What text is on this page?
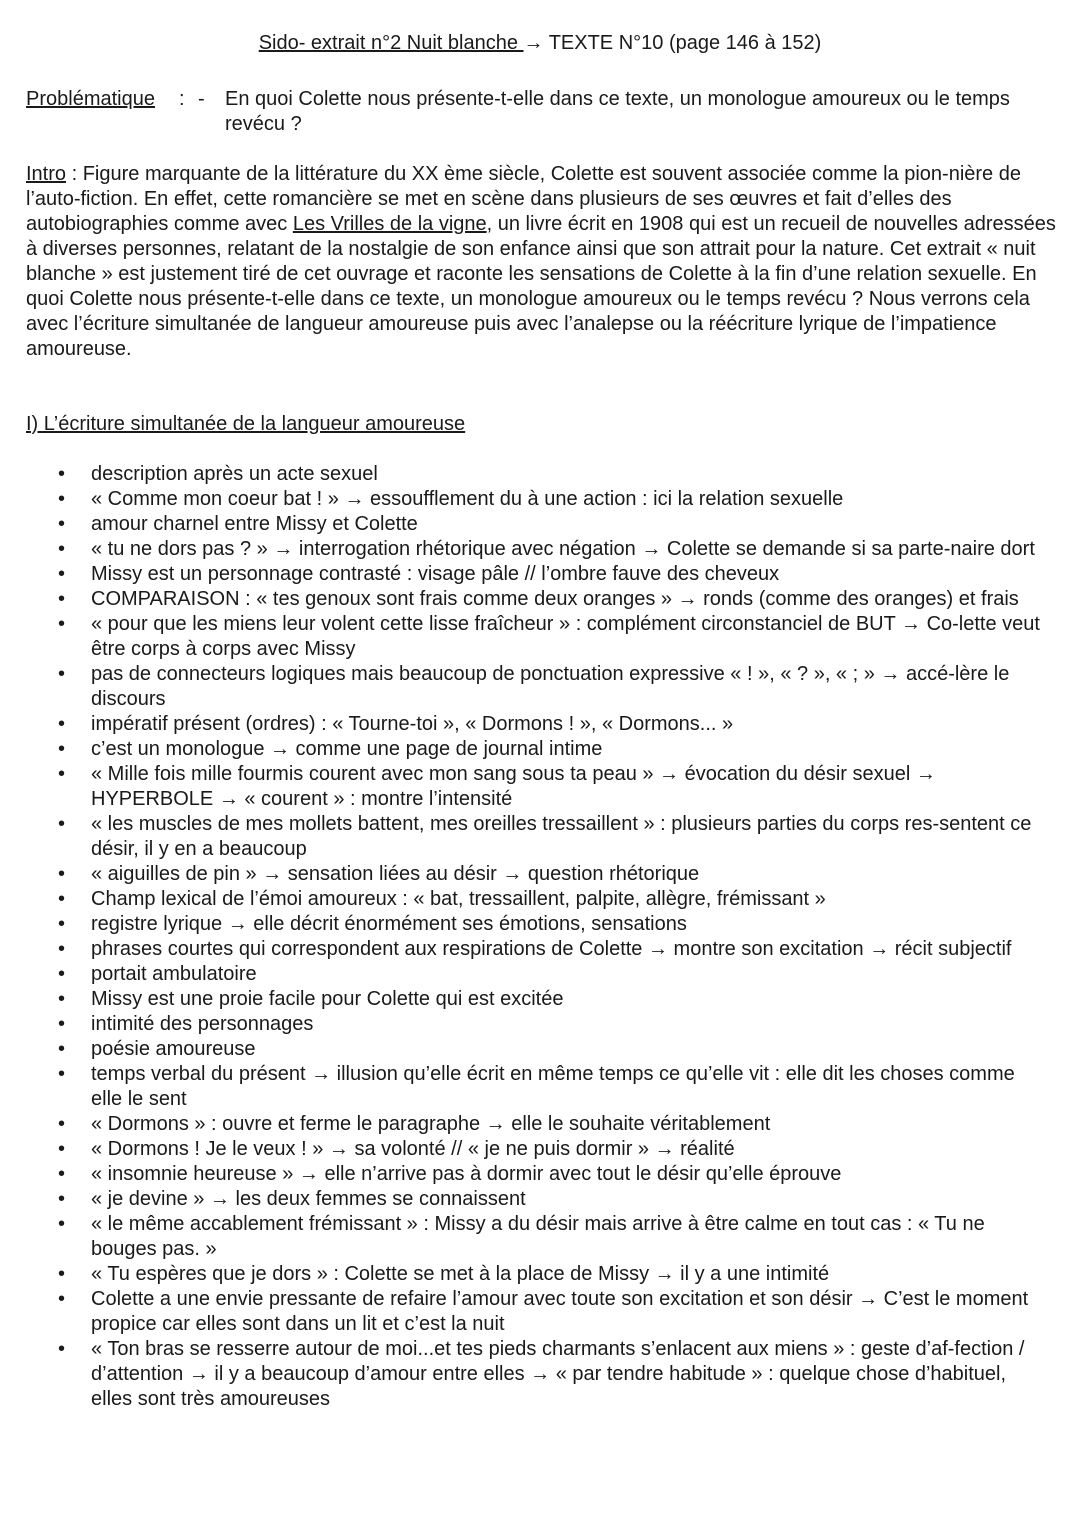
Sido- extrait n°2 Nuit blanche → TEXTE N°10 (page 146 à 152)
Problématique : - En quoi Colette nous présente-t-elle dans ce texte, un monologue amoureux ou le temps revécu ?
Intro : Figure marquante de la littérature du XX ème siècle, Colette est souvent associée comme la pion-nière de l’auto-fiction. En effet, cette romancière se met en scène dans plusieurs de ses œuvres et fait d’elles des autobiographies comme avec Les Vrilles de la vigne, un livre écrit en 1908 qui est un recueil de nouvelles adressées à diverses personnes, relatant de la nostalgie de son enfance ainsi que son attrait pour la nature. Cet extrait « nuit blanche » est justement tiré de cet ouvrage et raconte les sensations de Colette à la fin d’une relation sexuelle. En quoi Colette nous présente-t-elle dans ce texte, un monologue amoureux ou le temps revécu ? Nous verrons cela avec l’écriture simultanée de langueur amoureuse puis avec l’analepse ou la réécriture lyrique de l’impatience amoureuse.
I) L’écriture simultanée de la langueur amoureuse
• description après un acte sexuel
• « Comme mon coeur bat ! » → essoufflement du à une action : ici la relation sexuelle
• amour charnel entre Missy et Colette
• « tu ne dors pas ? » → interrogation rhétorique avec négation → Colette se demande si sa parte-naire dort
• Missy est un personnage contrasté : visage pâle // l’ombre fauve des cheveux
• COMPARAISON : « tes genoux sont frais comme deux oranges » → ronds (comme des oranges) et frais
• « pour que les miens leur volent cette lisse fraîcheur » : complément circonstanciel de BUT → Co-lette veut être corps à corps avec Missy
• pas de connecteurs logiques mais beaucoup de ponctuation expressive « ! », « ? », « ; » → accé-lère le discours
• impératif présent (ordres) : « Tourne-toi », « Dormons ! », « Dormons... »
• c’est un monologue → comme une page de journal intime
• « Mille fois mille fourmis courent avec mon sang sous ta peau » → évocation du désir sexuel → HYPERBOLE → « courent » : montre l’intensité
• « les muscles de mes mollets battent, mes oreilles tressaillent » : plusieurs parties du corps res-sentent ce désir, il y en a beaucoup
• « aiguilles de pin » → sensation liées au désir → question rhétorique
• Champ lexical de l’émoi amoureux : « bat, tressaillent, palpite, allègre, frémissant »
• registre lyrique → elle décrit énormément ses émotions, sensations
• phrases courtes qui correspondent aux respirations de Colette → montre son excitation → récit subjectif
• portait ambulatoire
• Missy est une proie facile pour Colette qui est excitée
• intimité des personnages
• poésie amoureuse
• temps verbal du présent → illusion qu’elle écrit en même temps ce qu’elle vit : elle dit les choses comme elle le sent
• « Dormons » : ouvre et ferme le paragraphe → elle le souhaite véritablement
• « Dormons ! Je le veux ! » → sa volonté // « je ne puis dormir » → réalité
• « insomnie heureuse » → elle n’arrive pas à dormir avec tout le désir qu’elle éprouve
• « je devine » → les deux femmes se connaissent
• « le même accablement frémissant » : Missy a du désir mais arrive à être calme en tout cas : « Tu ne bouges pas. »
• « Tu espères que je dors » : Colette se met à la place de Missy → il y a une intimité
• Colette a une envie pressante de refaire l’amour avec toute son excitation et son désir → C’est le moment propice car elles sont dans un lit et c’est la nuit
• « Ton bras se resserre autour de moi...et tes pieds charmants s’enlacent aux miens » : geste d’af-fection / d’attention → il y a beaucoup d’amour entre elles → « par tendre habitude » : quelque chose d’habituel, elles sont très amoureuses
